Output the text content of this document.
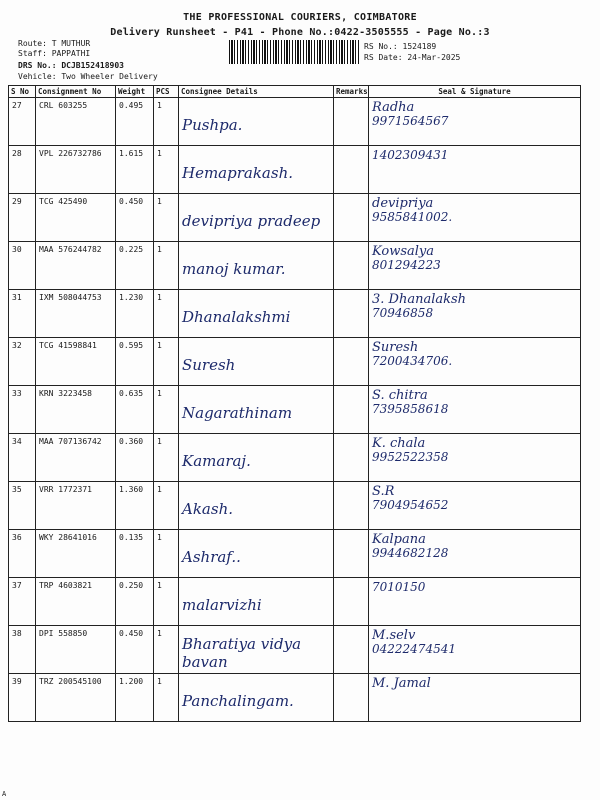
THE PROFESSIONAL COURIERS, COIMBATORE
Delivery Runsheet - P41 - Phone No.:0422-3505555 - Page No.:3
Route: T MUTHUR
Staff: PAPPATHI
DRS No.: DCJB152418903
Vehicle: Two Wheeler Delivery
RS No.: 1524189
RS Date: 24-Mar-2025
S No	Consignment No	Weight	PCS	Consignee Details	Remarks	Seal & Signature
27	CRL 603255	0.495	1	Pushpa.		Radha
9971564567

28	VPL 226732786	1.615	1	Hemaprakash.		1402309431

29	TCG 425490	0.450	1	devipriya pradeep		devipriya
9585841002.

30	MAA 576244782	0.225	1	manoj kumar.		Kowsalya
801294223

31	IXM 508044753	1.230	1	Dhanalakshmi		3. Dhanalaksh
70946858

32	TCG 41598841	0.595	1	Suresh		Suresh
7200434706.

33	KRN 3223458	0.635	1	Nagarathinam		S. chitra
7395858618

34	MAA 707136742	0.360	1	Kamaraj.		K. chala
9952522358

35	VRR 1772371	1.360	1	Akash.		S.R
7904954652

36	WKY 28641016	0.135	1	Ashraf..		Kalpana
9944682128

37	TRP 4603821	0.250	1	malarvizhi		7010150

38	DPI 558850	0.450	1	Bharatiya vidya bavan		M.selv
04222474541

39	TRZ 200545100	1.200	1	Panchalingam.		M. Jamal
A
